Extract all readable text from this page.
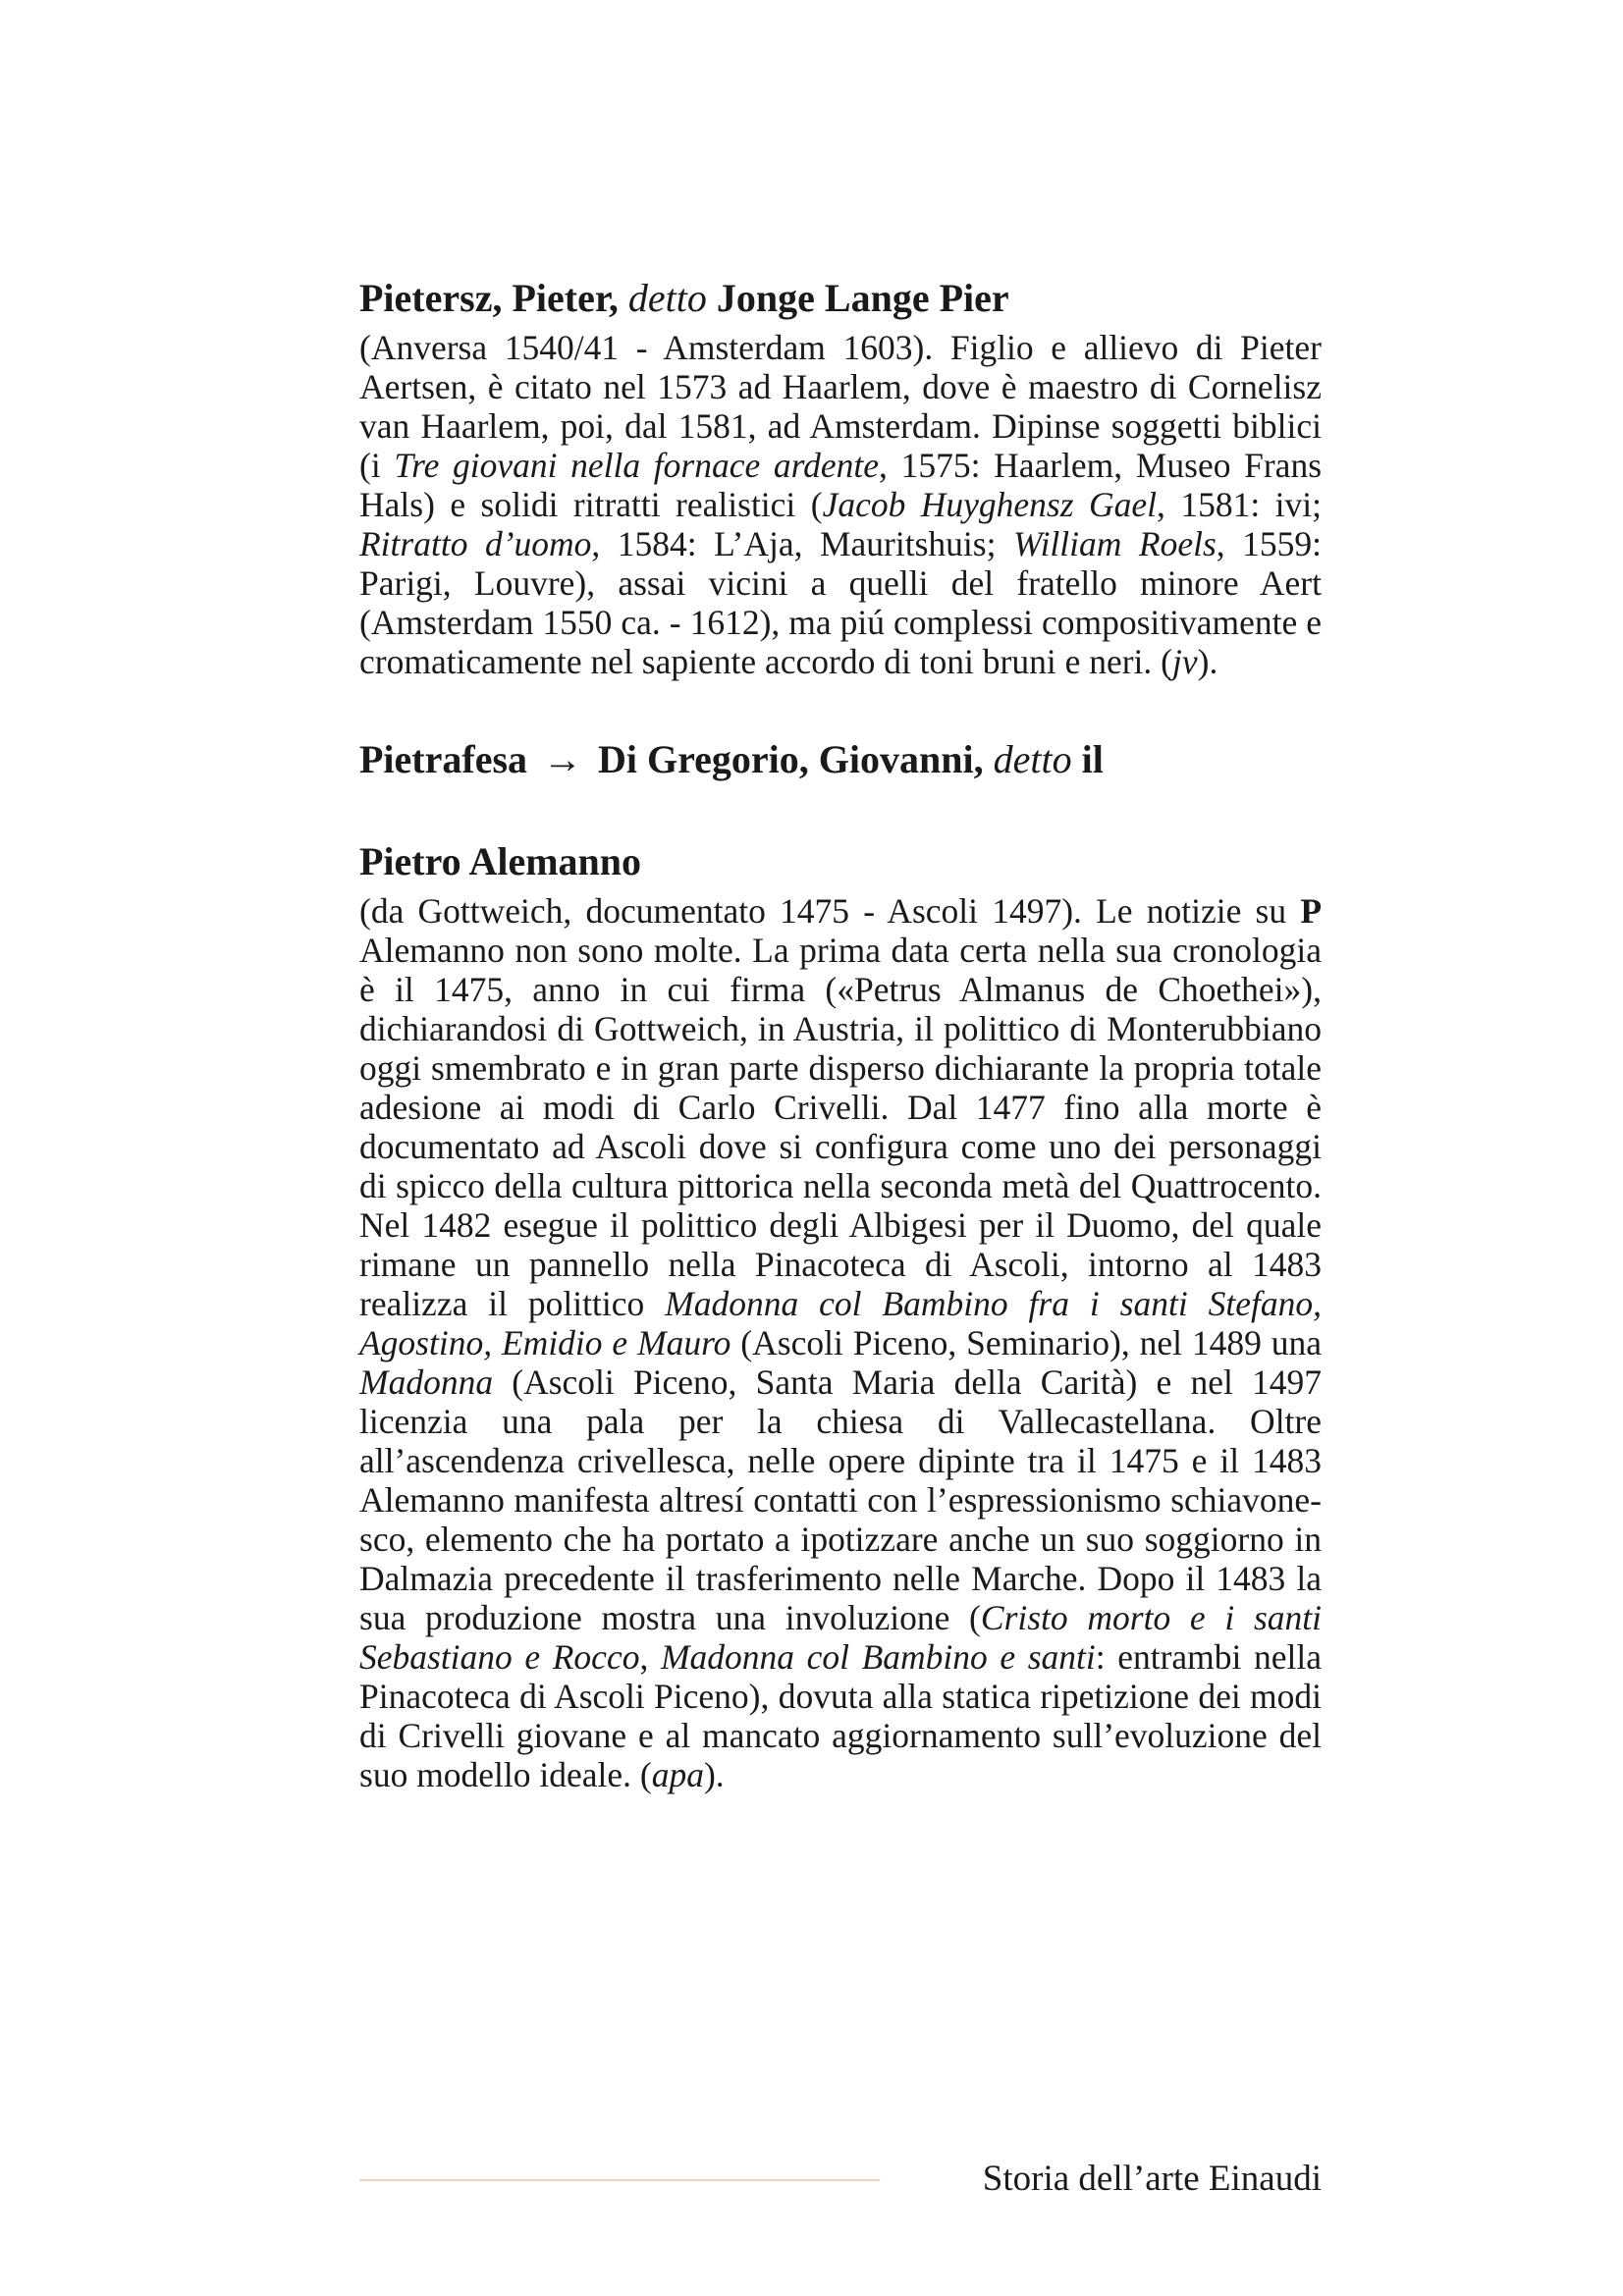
Pietersz, Pieter, detto Jonge Lange Pier

(Anversa 1540/41 - Amsterdam 1603). Figlio e allievo di Pieter Aertsen, è citato nel 1573 ad Haarlem, dove è maestro di Cornelisz van Haarlem, poi, dal 1581, ad Amsterdam. Dipinse soggetti biblici (i Tre giovani nella fornace ardente, 1575: Haarlem, Museo Frans Hals) e solidi ritratti realistici (Jacob Huyghensz Gael, 1581: ivi; Ritratto d’uomo, 1584: L’Aja, Mauritshuis; William Roels, 1559: Parigi, Louvre), assai vicini a quelli del fratello minore Aert (Amsterdam 1550 ca. - 1612), ma piú complessi compositivamente e cromaticamente nel sapiente accordo di toni bruni e neri. (jv).

Pietrafesa → Di Gregorio, Giovanni, detto il
Pietro Alemanno

(da Gottweich, documentato 1475 - Ascoli 1497). Le notizie su P Alemanno non sono molte. La prima data certa nella sua cronologia è il 1475, anno in cui firma («Petrus Almanus de Choethei»), dichiarandosi di Gottweich, in Austria, il polittico di Monterubbiano oggi smembrato e in gran parte disperso dichiarante la propria totale adesione ai modi di Carlo Crivelli. Dal 1477 fino alla morte è documentato ad Ascoli dove si configura come uno dei personaggi di spicco della cultura pittorica nella seconda metà del Quattrocento. Nel 1482 esegue il polittico degli Albigesi per il Duomo, del quale rimane un pannello nella Pinacoteca di Ascoli, intorno al 1483 realizza il polittico Madonna col Bambino fra i santi Stefano, Agostino, Emidio e Mauro (Ascoli Piceno, Seminario), nel 1489 una Madonna (Ascoli Piceno, Santa Maria della Carità) e nel 1497 licenzia una pala per la chiesa di Vallecastellana. Oltre all’ascendenza crivellesca, nelle opere dipinte tra il 1475 e il 1483 Alemanno manifesta altresí contatti con l’espressionismo schiavonesco, elemento che ha portato a ipotizzare anche un suo soggiorno in Dalmazia precedente il trasferimento nelle Marche. Dopo il 1483 la sua produzione mostra una involuzione (Cristo morto e i santi Sebastiano e Rocco, Madonna col Bambino e santi: entrambi nella Pinacoteca di Ascoli Piceno), dovuta alla statica ripetizione dei modi di Crivelli giovane e al mancato aggiornamento sull’evoluzione del suo modello ideale. (apa).

Storia dell’arte Einaudi
